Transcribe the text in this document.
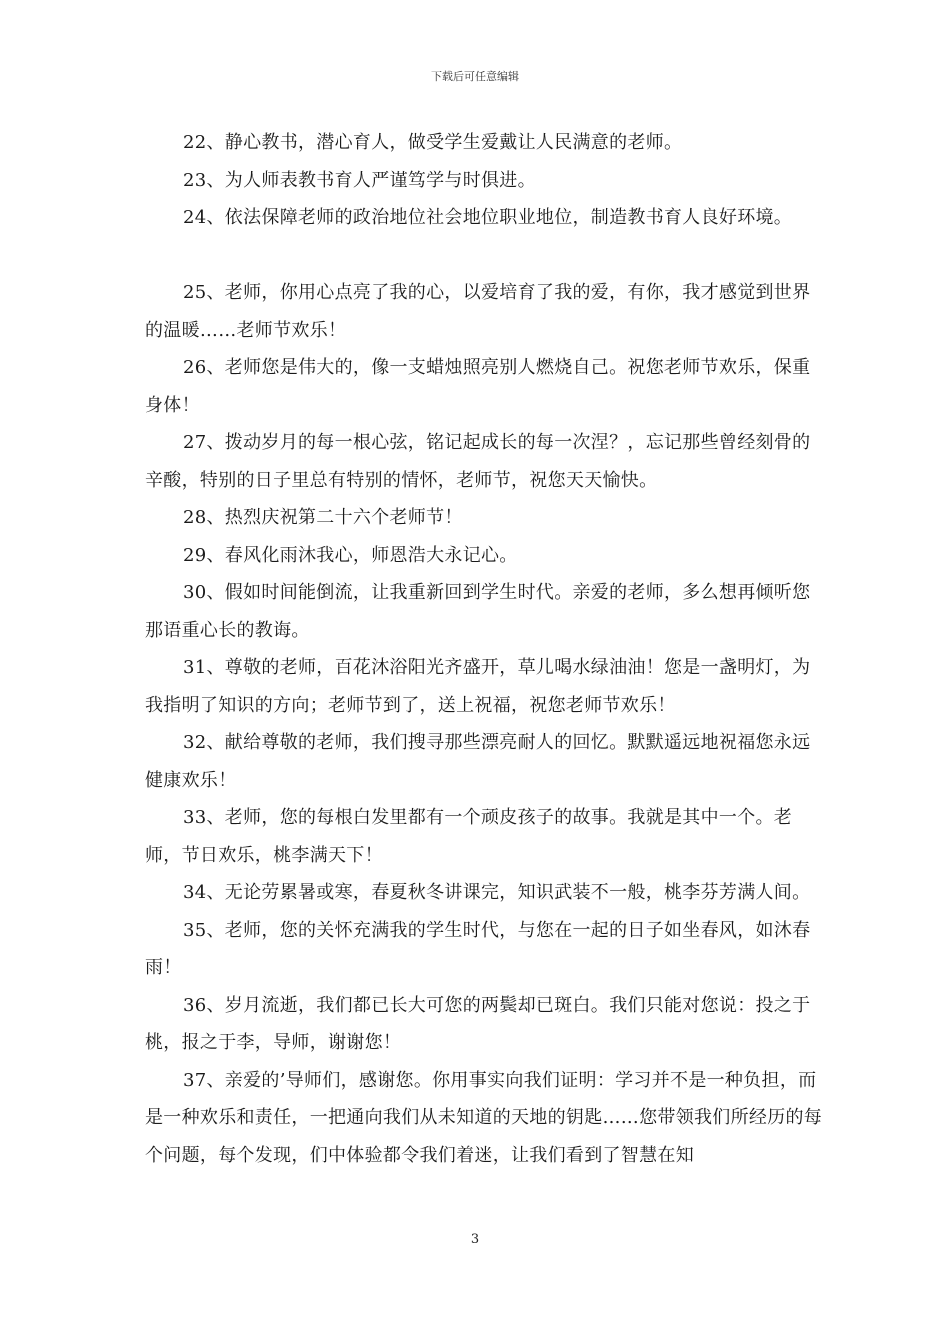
下载后可任意编辑

22、静心教书，潜心育人，做受学生爱戴让人民满意的老师。

23、为人师表教书育人严谨笃学与时俱进。

24、依法保障老师的政治地位社会地位职业地位，制造教书育人良好环境。

25、老师，你用心点亮了我的心，以爱培育了我的爱，有你，我才感觉到世界的温暖……老师节欢乐！

26、老师您是伟大的，像一支蜡烛照亮别人燃烧自己。祝您老师节欢乐，保重身体！

27、拨动岁月的每一根心弦，铭记起成长的每一次涅？，忘记那些曾经刻骨的辛酸，特别的日子里总有特别的情怀，老师节，祝您天天愉快。

28、热烈庆祝第二十六个老师节！

29、春风化雨沐我心，师恩浩大永记心。

30、假如时间能倒流，让我重新回到学生时代。亲爱的老师，多么想再倾听您那语重心长的教诲。

31、尊敬的老师，百花沐浴阳光齐盛开，草儿喝水绿油油！您是一盏明灯，为我指明了知识的方向；老师节到了，送上祝福，祝您老师节欢乐！

32、献给尊敬的老师，我们搜寻那些漂亮耐人的回忆。默默遥远地祝福您永远健康欢乐！

33、老师，您的每根白发里都有一个顽皮孩子的故事。我就是其中一个。老师，节日欢乐，桃李满天下！

34、无论劳累暑或寒，春夏秋冬讲课完，知识武装不一般，桃李芬芳满人间。

35、老师，您的关怀充满我的学生时代，与您在一起的日子如坐春风，如沐春雨！

36、岁月流逝，我们都已长大可您的两鬓却已斑白。我们只能对您说：投之于桃，报之于李，导师，谢谢您！

37、亲爱的’导师们，感谢您。你用事实向我们证明：学习并不是一种负担，而是一种欢乐和责任，一把通向我们从未知道的天地的钥匙……您带领我们所经历的每个问题，每个发现，们中体验都令我们着迷，让我们看到了智慧在知

3
